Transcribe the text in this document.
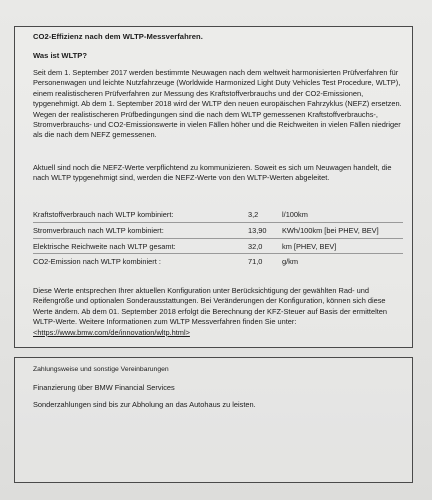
CO2-Effizienz nach dem WLTP-Messverfahren.
Was ist WLTP?

Seit dem 1. September 2017 werden bestimmte Neuwagen nach dem weltweit harmonisierten Prüfverfahren für Personenwagen und leichte Nutzfahrzeuge (Worldwide Harmonized Light Duty Vehicles Test Procedure, WLTP), einem realistischeren Prüfverfahren zur Messung des Kraftstoffverbrauchs und der CO2-Emissionen, typgenehmigt. Ab dem 1. September 2018 wird der WLTP den neuen europäischen Fahrzyklus (NEFZ) ersetzen. Wegen der realistischeren Prüfbedingungen sind die nach dem WLTP gemessenen Kraftstoffverbrauchs-, Stromverbrauchs- und CO2-Emissionswerte in vielen Fällen höher und die Reichweiten in vielen Fällen niedriger als die nach dem NEFZ gemessenen.

Aktuell sind noch die NEFZ-Werte verpflichtend zu kommunizieren. Soweit es sich um Neuwagen handelt, die nach WLTP typgenehmigt sind, werden die NEFZ-Werte von den WLTP-Werten abgeleitet.

Kraftstoffverbrauch nach WLTP kombiniert:	3,2	l/100km
Stromverbrauch nach WLTP kombiniert:	13,90 KWh/100km [bei PHEV, BEV]
Elektrische Reichweite nach WLTP gesamt:	32,0	km [PHEV, BEV]
CO2-Emission nach WLTP kombiniert :	71,0	g/km

Diese Werte entsprechen Ihrer aktuellen Konfiguration unter Berücksichtigung der gewählten Rad- und Reifengröße und optionalen Sonderausstattungen. Bei Veränderungen der Konfiguration, können sich diese Werte ändern. Ab dem 01. September 2018 erfolgt die Berechnung der KFZ-Steuer auf Basis der ermittelten WLTP-Werte. Weitere Informationen zum WLTP Messverfahren finden Sie unter: <https://www.bmw.com/de/innovation/wltp.html>

Zahlungsweise und sonstige Vereinbarungen
Finanzierung über BMW Financial Services
Sonderzahlungen sind bis zur Abholung an das Autohaus zu leisten.
